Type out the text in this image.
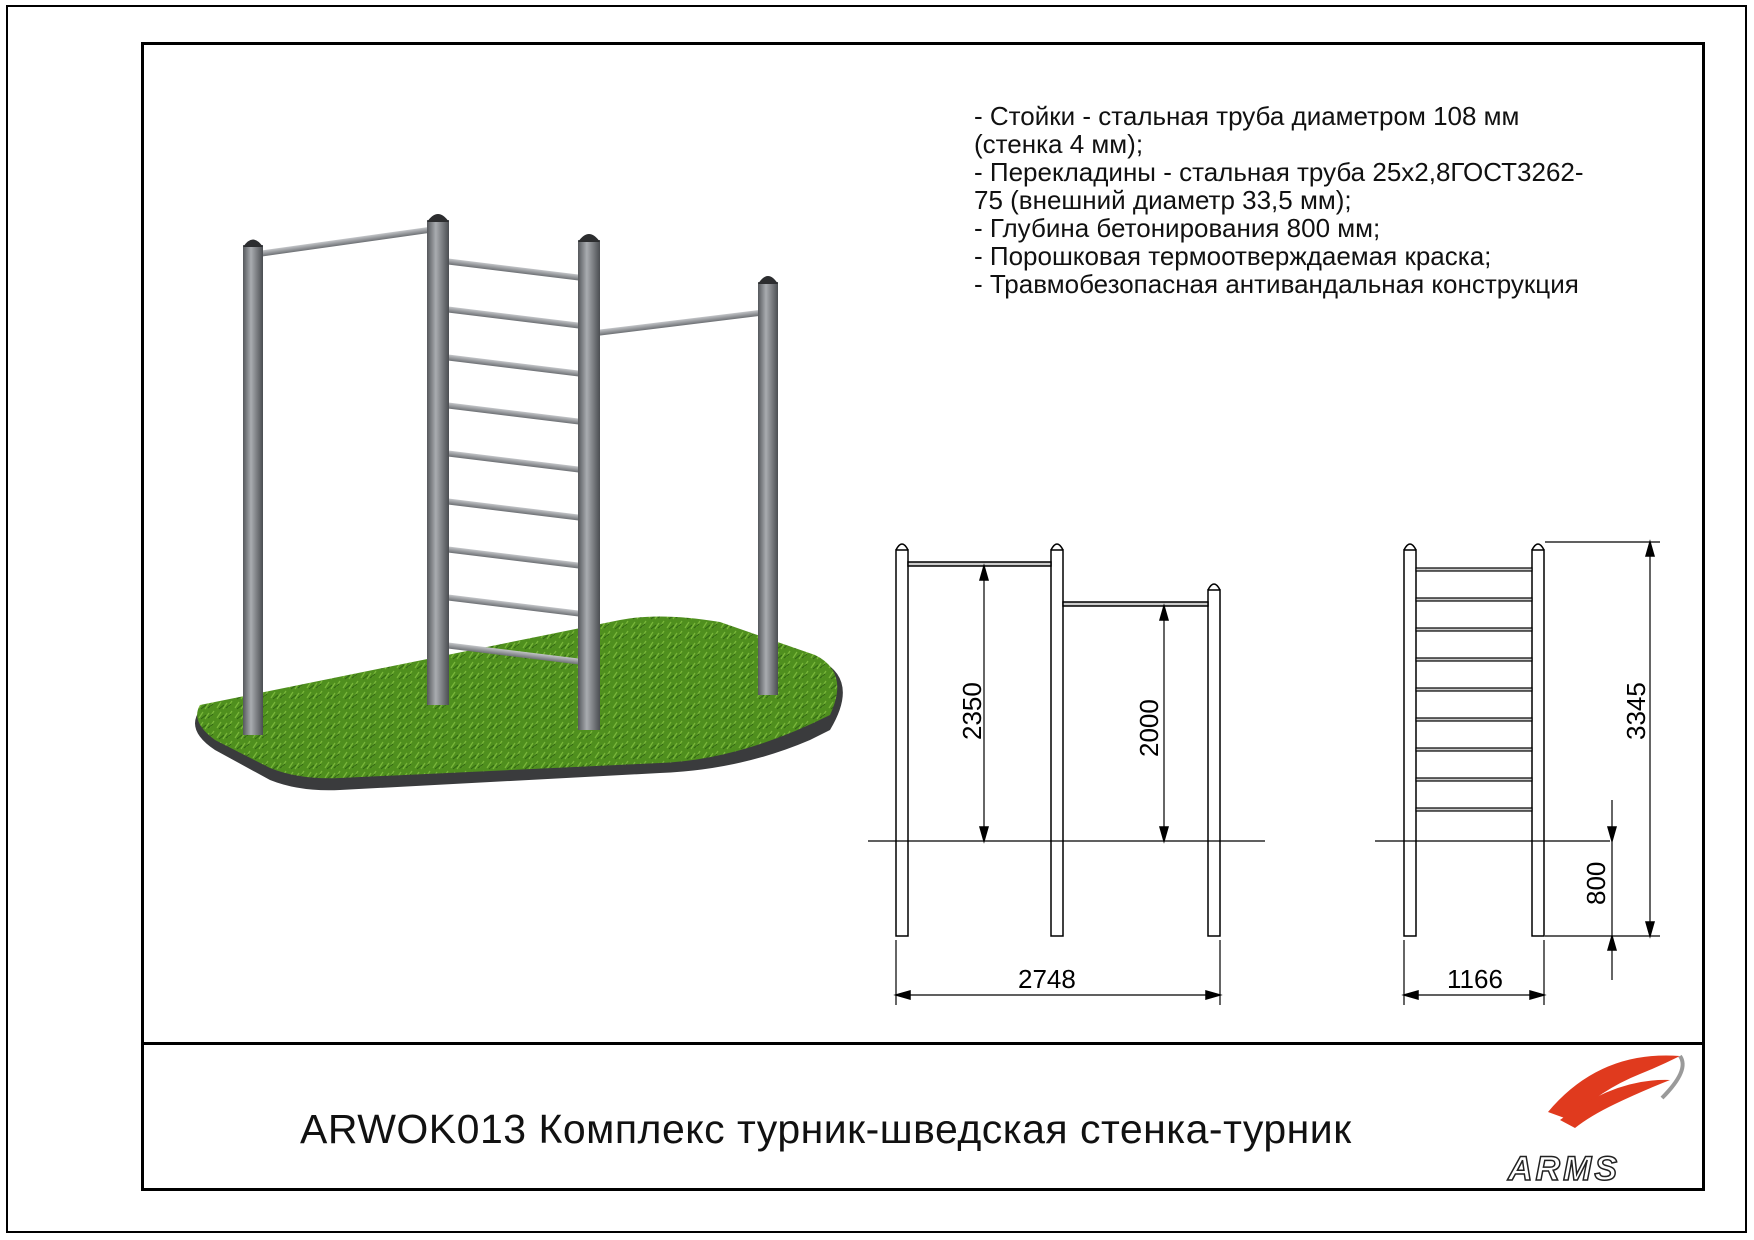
- Стойки - стальная труба диаметром 108 мм
(стенка 4 мм);
- Перекладины - стальная труба 25х2,8ГОСТ3262-
75 (внешний диаметр 33,5 мм);
- Глубина бетонирования 800 мм;
- Порошковая термоотверждаемая краска;
- Травмобезопасная антивандальная конструкция
2350	2000
2748
3345
800
1166
ARMS
ARWOK013 Комплекс турник-шведская стенка-турник
